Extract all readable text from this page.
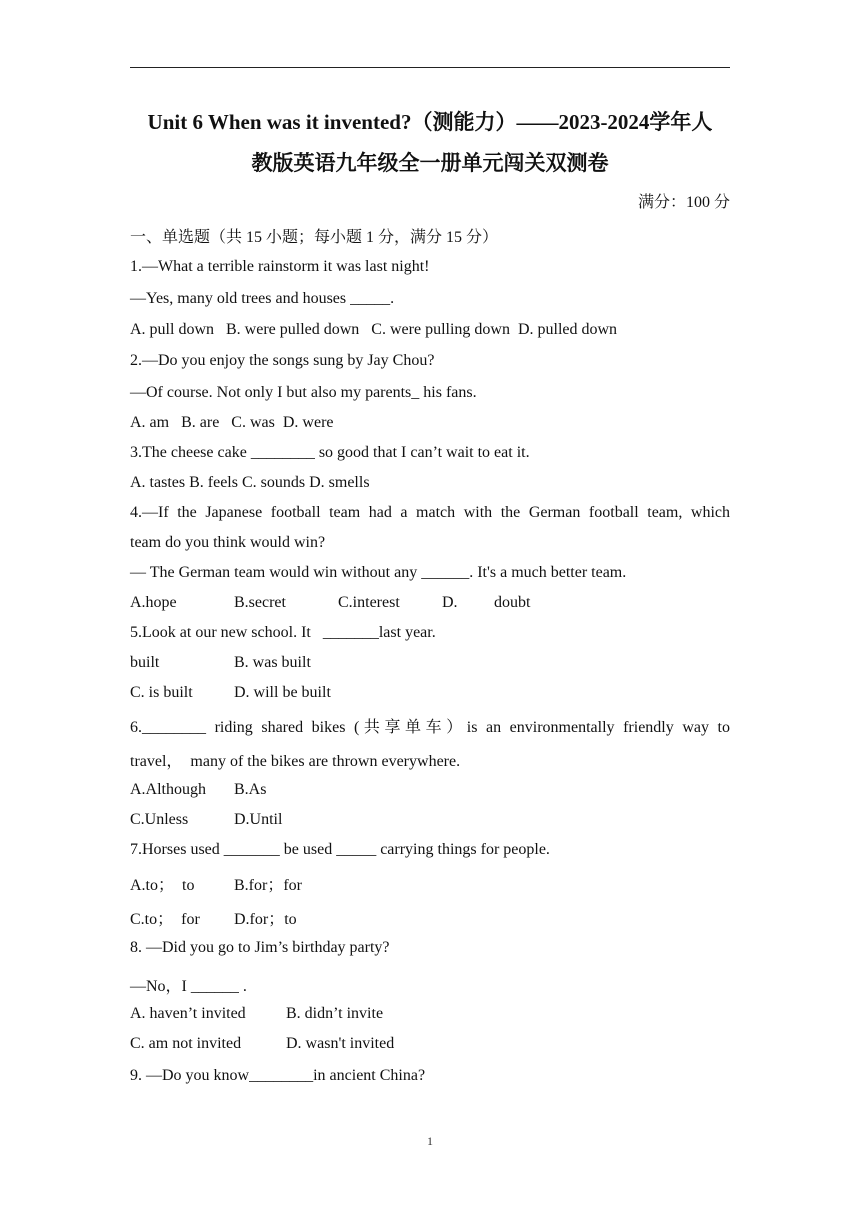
Unit 6 When was it invented?（测能力）——2023-2024学年人
教版英语九年级全一册单元闯关双测卷
满分：100 分
一、单选题（共 15 小题；每小题 1 分，满分 15 分）
1.—What a terrible rainstorm it was last night!
—Yes, many old trees and houses _____.
A. pull down   B. were pulled down   C. were pulling down  D. pulled down
2.—Do you enjoy the songs sung by Jay Chou?
—Of course. Not only I but also my parents_ his fans.
A. am   B. are   C. was  D. were
3.The cheese cake ________ so good that I can’t wait to eat it.
A. tastes B. feels C. sounds D. smells
4.—If the Japanese football team had a match with the German football team, which
team do you think would win?
— The German team would win without any ______. It's a much better team.
A.hope	B.secret	C.interest	D. doubt
5.Look at our new school. It   _______last year.
built	B. was built
C. is built	D. will be built
6.________ riding shared bikes (共享单车）is an environmentally friendly way to
travel，  many of the bikes are thrown everywhere.
A.Although B.As
C.Unless	D.Until
7.Horses used _______ be used _____ carrying things for people.
A.to；  to B.for；for
C.to；  for D.for；to
8. —Did you go to Jim’s birthday party?
—No，I ______ .
A. haven’t invited	B. didn’t invite
C. am not invited	D. wasn't invited
9. —Do you know________in ancient China?
1
